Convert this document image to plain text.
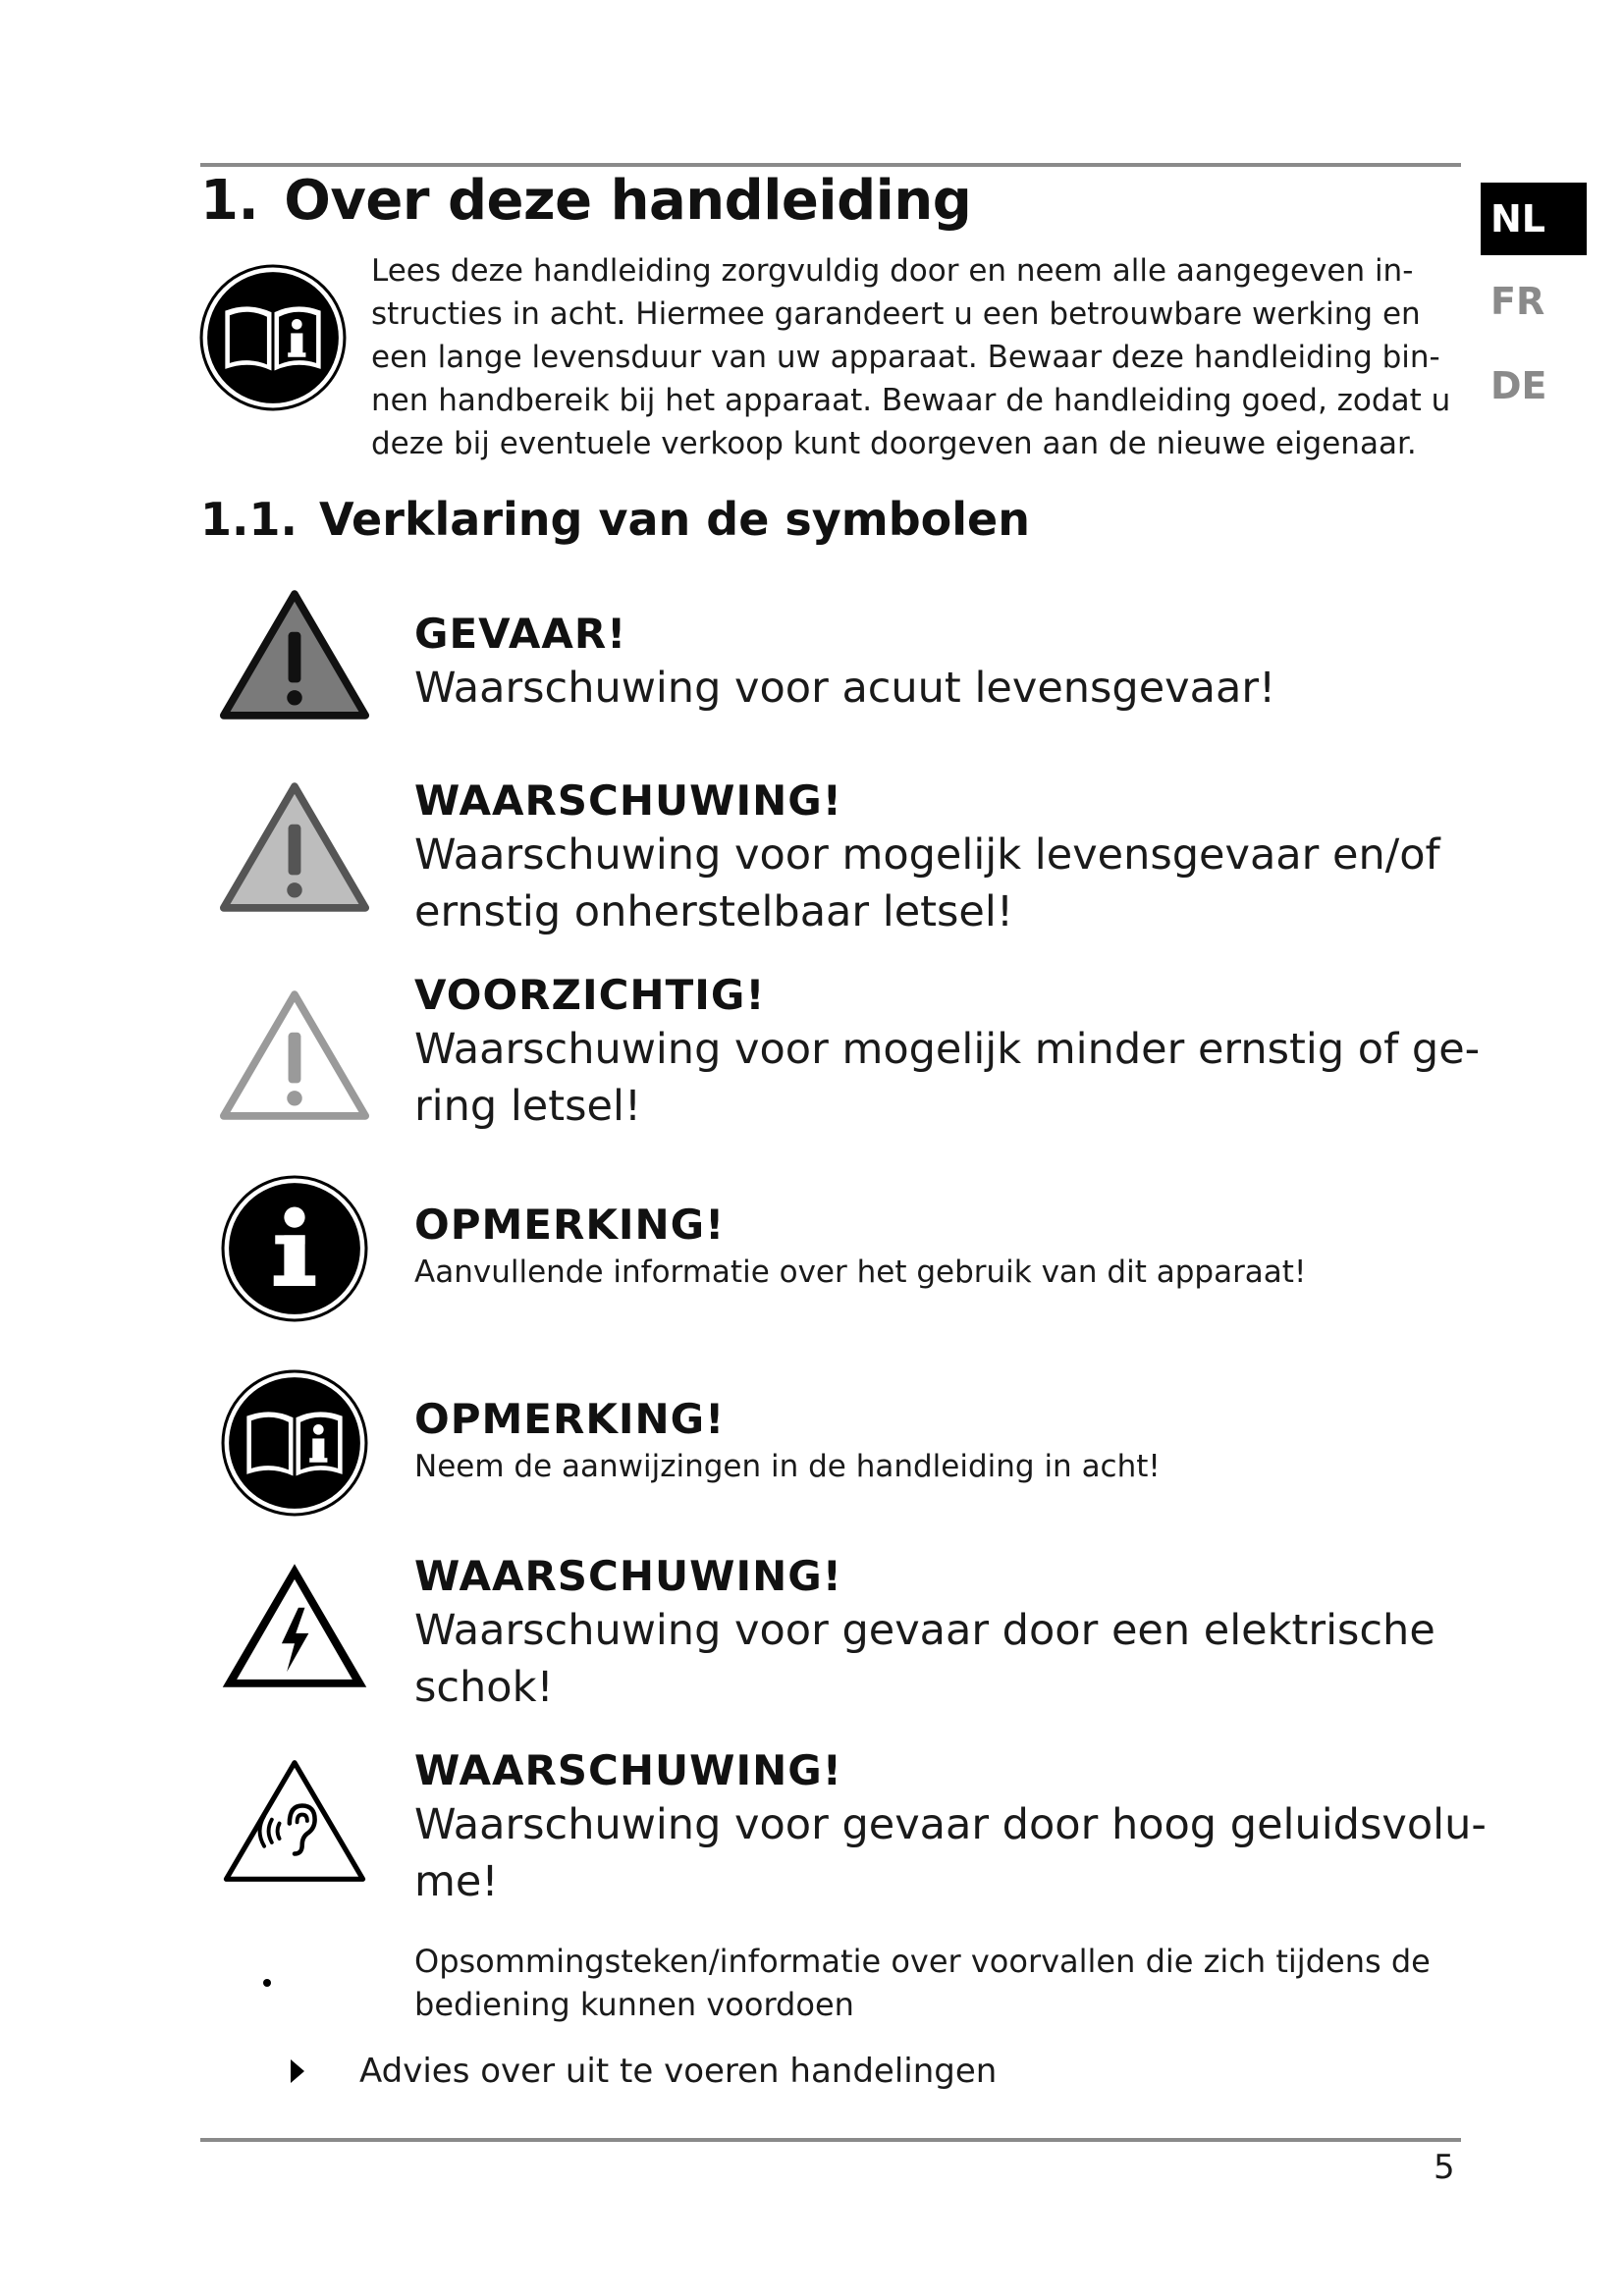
1. Over deze handleiding	NL
FR
DE

Lees deze handleiding zorgvuldig door en neem alle aangegeven in-
structies in acht. Hiermee garandeert u een betrouwbare werking en
een lange levensduur van uw apparaat. Bewaar deze handleiding bin-
nen handbereik bij het apparaat. Bewaar de handleiding goed, zodat u
deze bij eventuele verkoop kunt doorgeven aan de nieuwe eigenaar.

1.1. Verklaring van de symbolen
GEVAAR!
Waarschuwing voor acuut levensgevaar!
WAARSCHUWING!
Waarschuwing voor mogelijk levensgevaar en/of
ernstig onherstelbaar letsel!
VOORZICHTIG!
Waarschuwing voor mogelijk minder ernstig of ge-
ring letsel!
OPMERKING!
Aanvullende informatie over het gebruik van dit apparaat!
OPMERKING!
Neem de aanwijzingen in de handleiding in acht!
WAARSCHUWING!
Waarschuwing voor gevaar door een elektrische
schok!
WAARSCHUWING!
Waarschuwing voor gevaar door hoog geluidsvolu-
me!
Opsommingsteken/informatie over voorvallen die zich tijdens de
bediening kunnen voordoen
Advies over uit te voeren handelingen
5
